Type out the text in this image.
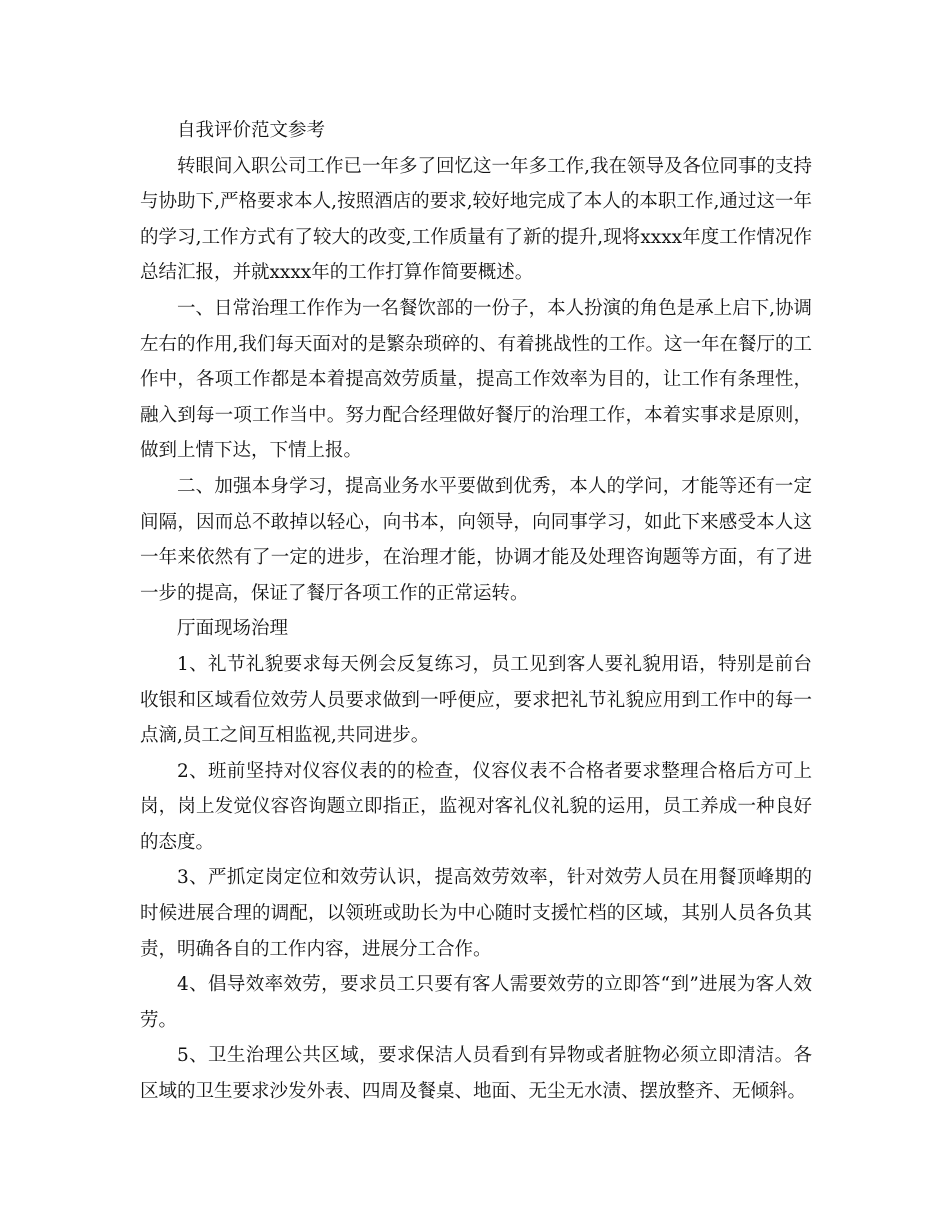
自我评价范文参考

转眼间入职公司工作已一年多了回忆这一年多工作,我在领导及各位同事的支持与协助下,严格要求本人,按照酒店的要求,较好地完成了本人的本职工作,通过这一年的学习,工作方式有了较大的改变,工作质量有了新的提升,现将xxxx年度工作情况作总结汇报，并就xxxx年的工作打算作简要概述。

一、日常治理工作作为一名餐饮部的一份子，本人扮演的角色是承上启下,协调左右的作用,我们每天面对的是繁杂琐碎的、有着挑战性的工作。这一年在餐厅的工作中，各项工作都是本着提高效劳质量，提高工作效率为目的，让工作有条理性，融入到每一项工作当中。努力配合经理做好餐厅的治理工作，本着实事求是原则，做到上情下达，下情上报。

二、加强本身学习，提高业务水平要做到优秀，本人的学问，才能等还有一定间隔，因而总不敢掉以轻心，向书本，向领导，向同事学习，如此下来感受本人这一年来依然有了一定的进步，在治理才能，协调才能及处理咨询题等方面，有了进一步的提高，保证了餐厅各项工作的正常运转。

厅面现场治理

1、礼节礼貌要求每天例会反复练习，员工见到客人要礼貌用语，特别是前台收银和区域看位效劳人员要求做到一呼便应，要求把礼节礼貌应用到工作中的每一点滴,员工之间互相监视,共同进步。

2、班前坚持对仪容仪表的的检查，仪容仪表不合格者要求整理合格后方可上岗，岗上发觉仪容咨询题立即指正，监视对客礼仪礼貌的运用，员工养成一种良好的态度。

3、严抓定岗定位和效劳认识，提高效劳效率，针对效劳人员在用餐顶峰期的时候进展合理的调配，以领班或助长为中心随时支援忙档的区域，其别人员各负其责，明确各自的工作内容，进展分工合作。

4、倡导效率效劳，要求员工只要有客人需要效劳的立即答“到”进展为客人效劳。

5、卫生治理公共区域，要求保洁人员看到有异物或者脏物必须立即清洁。各区域的卫生要求沙发外表、四周及餐桌、地面、无尘无水渍、摆放整齐、无倾斜。
